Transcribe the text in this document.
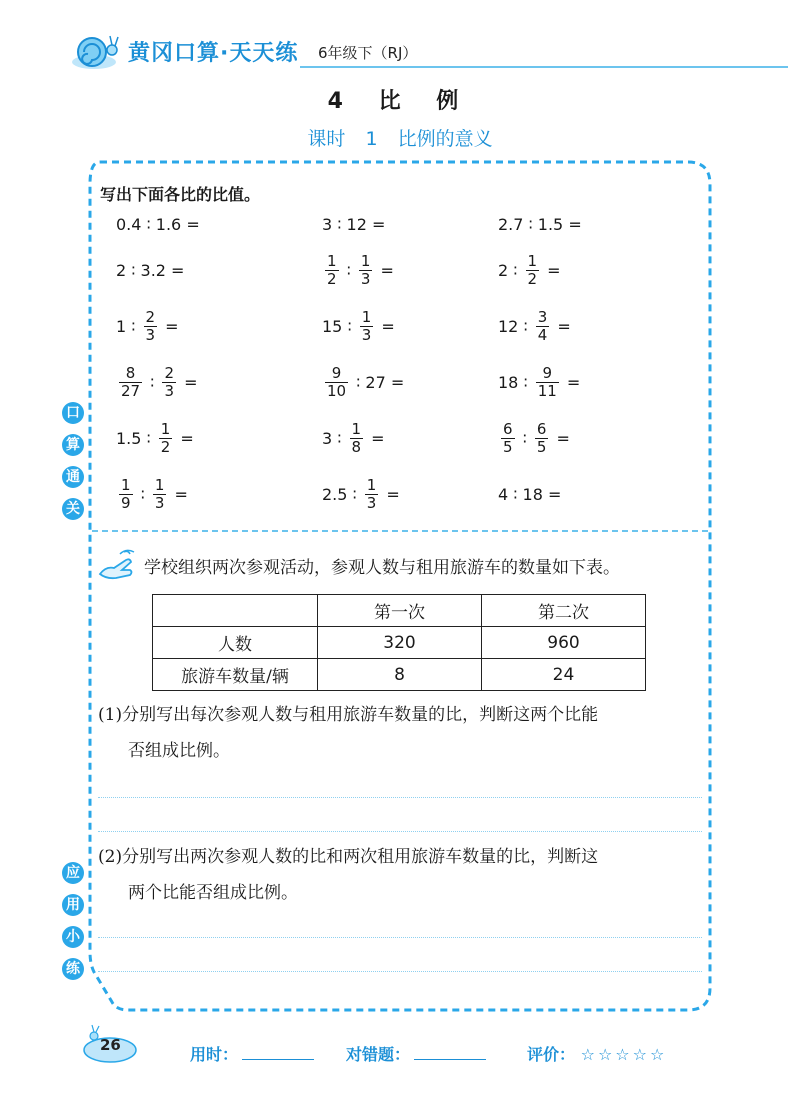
黄冈口算·天天练 6年级下（RJ）
4 比 例
课时 1 比例的意义
口
算
通
关
应
用
小
练
写出下面各比的比值。
0.4 ∶ 1.6 =	3 ∶ 12 =	2.7 ∶ 1.5 =
2 ∶ 3.2 =	$\frac{1}{2}$ ∶ $\frac{1}{3}$ =	2 ∶ $\frac{1}{2}$ =
1 ∶ $\frac{2}{3}$ =	15 ∶ $\frac{1}{3}$ =	12 ∶ $\frac{3}{4}$ =
$\frac{8}{27}$ ∶ $\frac{2}{3}$ =	$\frac{9}{10}$ ∶ 27 =	18 ∶ $\frac{9}{11}$ =
1.5 ∶ $\frac{1}{2}$ =	3 ∶ $\frac{1}{8}$ =	$\frac{6}{5}$ ∶ $\frac{6}{5}$ =
$\frac{1}{9}$ ∶ $\frac{1}{3}$ =	2.5 ∶ $\frac{1}{3}$ =	4 ∶ 18 =
学校组织两次参观活动，参观人数与租用旅游车的数量如下表。
	第一次	第二次
人数	320	960
旅游车数量/辆	8	24
(1)分别写出每次参观人数与租用旅游车数量的比，判断这两个比能
否组成比例。
(2)分别写出两次参观人数的比和两次租用旅游车数量的比，判断这
两个比能否组成比例。
26	用时：	对错题：	评价： ☆☆☆☆☆
